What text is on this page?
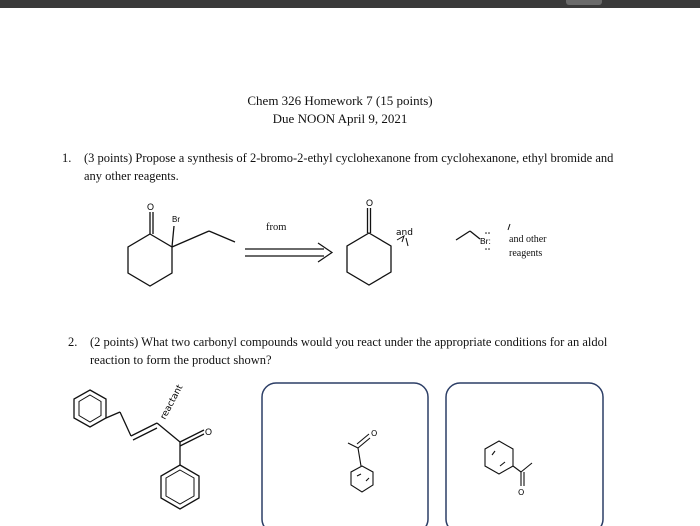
Chem 326 Homework 7 (15 points)
Due NOON April 9, 2021
1. (3 points) Propose a synthesis of 2-bromo-2-ethyl cyclohexanone from cyclohexanone, ethyl bromide and any other reagents.
2. (2 points) What two carbonyl compounds would you react under the appropriate conditions for an aldol reaction to form the product shown?
O
Br
O
and
Br:
O
reactant
O
O
from
and other reagents
